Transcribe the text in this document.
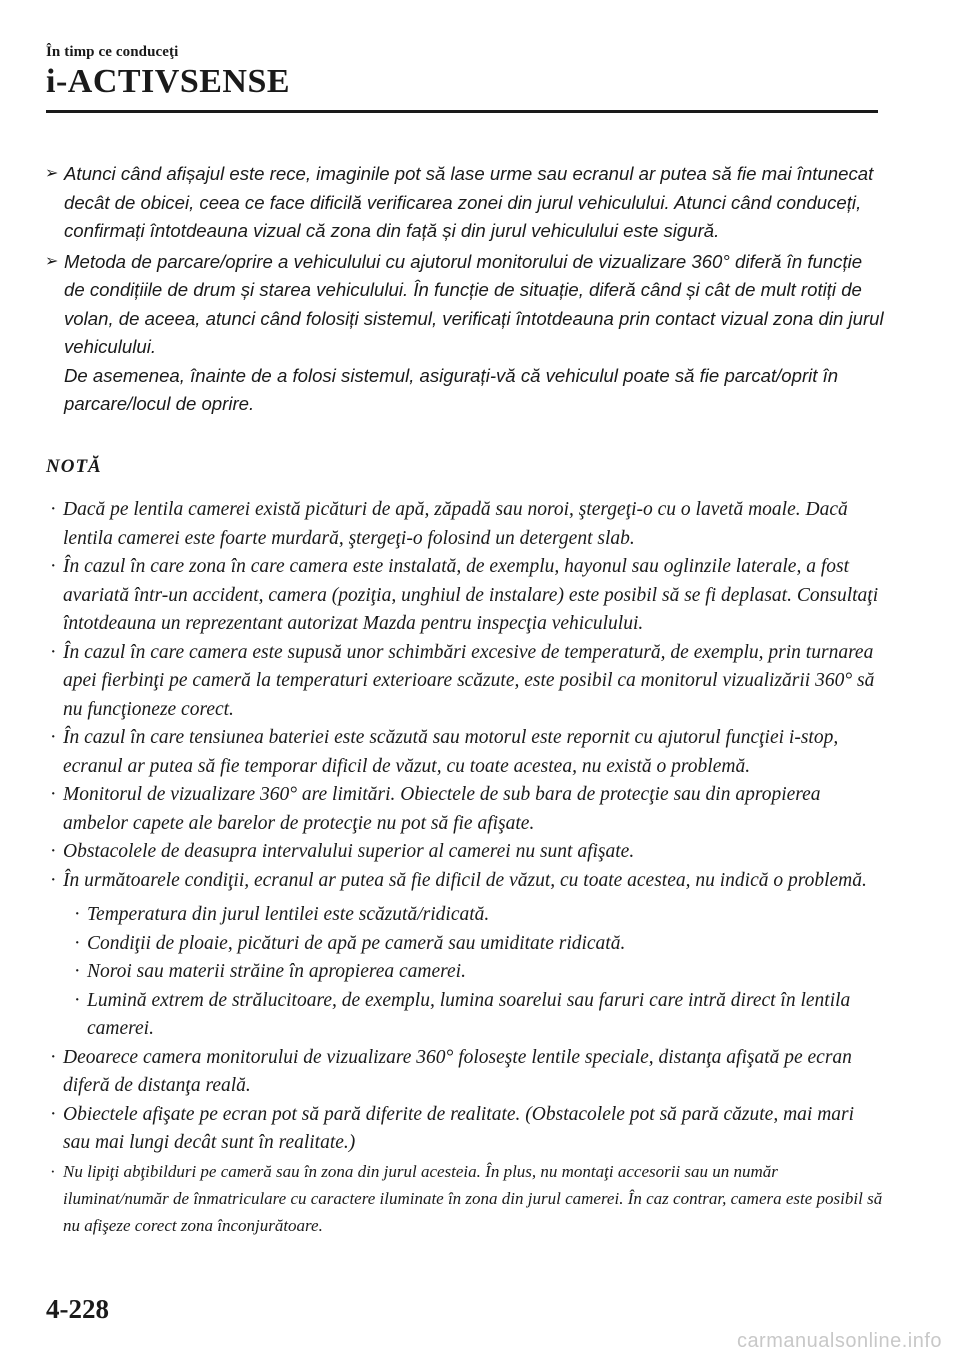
În timp ce conduceţi
i-ACTIVSENSE
➢ Atunci când afișajul este rece, imaginile pot să lase urme sau ecranul ar putea să fie mai întunecat decât de obicei, ceea ce face dificilă verificarea zonei din jurul vehiculului. Atunci când conduceți, confirmați întotdeauna vizual că zona din față și din jurul vehiculului este sigură.
➢ Metoda de parcare/oprire a vehiculului cu ajutorul monitorului de vizualizare 360° diferă în funcție de condițiile de drum și starea vehiculului. În funcție de situație, diferă când și cât de mult rotiți de volan, de aceea, atunci când folosiți sistemul, verificați întotdeauna prin contact vizual zona din jurul vehiculului.
De asemenea, înainte de a folosi sistemul, asigurați-vă că vehiculul poate să fie parcat/oprit în parcare/locul de oprire.
NOTĂ
· Dacă pe lentila camerei există picături de apă, zăpadă sau noroi, ştergeţi-o cu o lavetă moale. Dacă lentila camerei este foarte murdară, ştergeţi-o folosind un detergent slab.
· În cazul în care zona în care camera este instalată, de exemplu, hayonul sau oglinzile laterale, a fost avariată într-un accident, camera (poziţia, unghiul de instalare) este posibil să se fi deplasat. Consultaţi întotdeauna un reprezentant autorizat Mazda pentru inspecţia vehiculului.
· În cazul în care camera este supusă unor schimbări excesive de temperatură, de exemplu, prin turnarea apei fierbinţi pe cameră la temperaturi exterioare scăzute, este posibil ca monitorul vizualizării 360° să nu funcţioneze corect.
· În cazul în care tensiunea bateriei este scăzută sau motorul este repornit cu ajutorul funcţiei i-stop, ecranul ar putea să fie temporar dificil de văzut, cu toate acestea, nu există o problemă.
· Monitorul de vizualizare 360° are limitări. Obiectele de sub bara de protecţie sau din apropierea ambelor capete ale barelor de protecţie nu pot să fie afişate.
· Obstacolele de deasupra intervalului superior al camerei nu sunt afişate.
· În următoarele condiţii, ecranul ar putea să fie dificil de văzut, cu toate acestea, nu indică o problemă.
· Temperatura din jurul lentilei este scăzută/ridicată.
· Condiţii de ploaie, picături de apă pe cameră sau umiditate ridicată.
· Noroi sau materii străine în apropierea camerei.
· Lumină extrem de strălucitoare, de exemplu, lumina soarelui sau faruri care intră direct în lentila camerei.
· Deoarece camera monitorului de vizualizare 360° foloseşte lentile speciale, distanţa afişată pe ecran diferă de distanţa reală.
· Obiectele afişate pe ecran pot să pară diferite de realitate. (Obstacolele pot să pară căzute, mai mari sau mai lungi decât sunt în realitate.)
· Nu lipiţi abţibilduri pe cameră sau în zona din jurul acesteia. În plus, nu montaţi accesorii sau un număr iluminat/număr de înmatriculare cu caractere iluminate în zona din jurul camerei. În caz contrar, camera este posibil să nu afişeze corect zona înconjurătoare.
4-228
carmanualsonline.info
